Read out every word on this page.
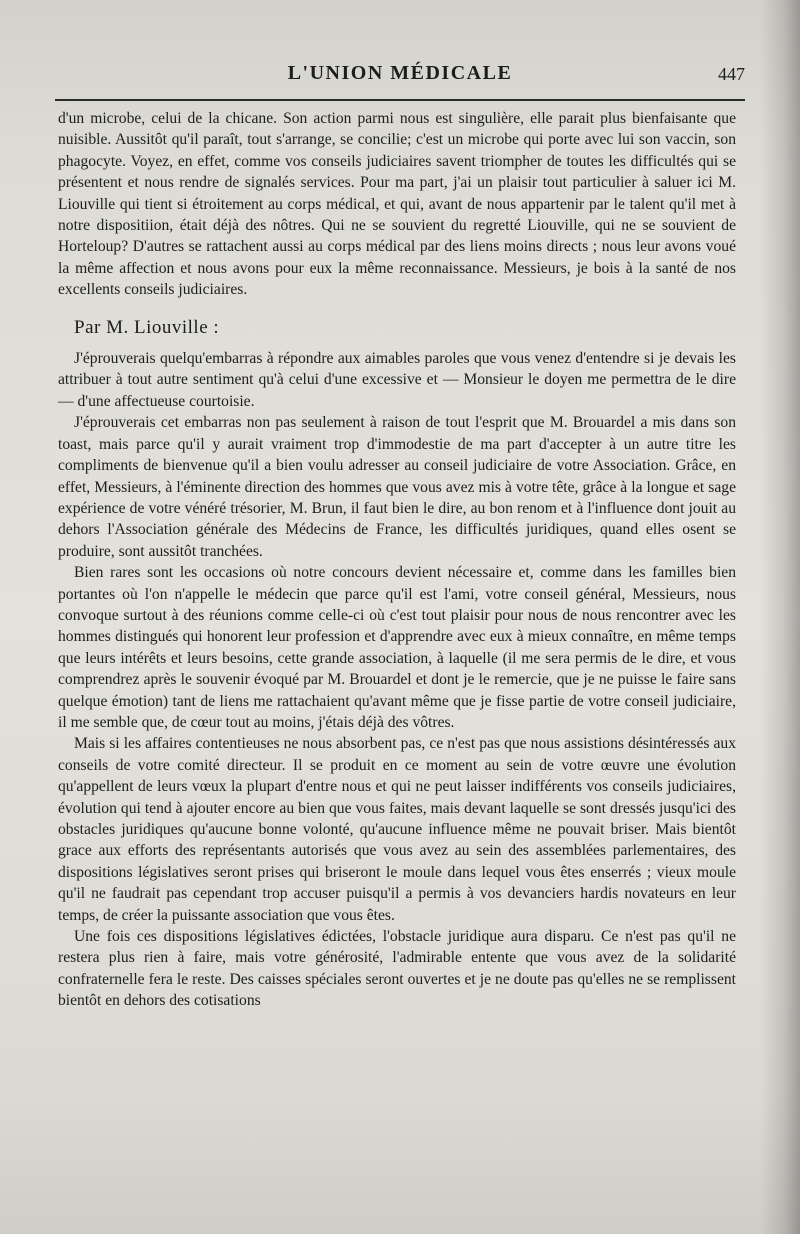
L'UNION MÉDICALE	447

d'un microbe, celui de la chicane. Son action parmi nous est singulière, elle parait plus bienfaisante que nuisible. Aussitôt qu'il paraît, tout s'arrange, se concilie; c'est un microbe qui porte avec lui son vaccin, son phagocyte. Voyez, en effet, comme vos conseils judiciaires savent triompher de toutes les difficultés qui se présentent et nous rendre de signalés services. Pour ma part, j'ai un plaisir tout particulier à saluer ici M. Liouville qui tient si étroitement au corps médical, et qui, avant de nous appartenir par le talent qu'il met à notre dispositiion, était déjà des nôtres. Qui ne se souvient du regretté Liouville, qui ne se souvient de Horteloup? D'autres se rattachent aussi au corps médical par des liens moins directs ; nous leur avons voué la même affection et nous avons pour eux la même reconnaissance. Messieurs, je bois à la santé de nos excellents conseils judiciaires.

Par M. Liouville :

J'éprouverais quelqu'embarras à répondre aux aimables paroles que vous venez d'entendre si je devais les attribuer à tout autre sentiment qu'à celui d'une excessive et — Monsieur le doyen me permettra de le dire — d'une affectueuse courtoisie.

J'éprouverais cet embarras non pas seulement à raison de tout l'esprit que M. Brouardel a mis dans son toast, mais parce qu'il y aurait vraiment trop d'immodestie de ma part d'accepter à un autre titre les compliments de bienvenue qu'il a bien voulu adresser au conseil judiciaire de votre Association. Grâce, en effet, Messieurs, à l'éminente direction des hommes que vous avez mis à votre tête, grâce à la longue et sage expérience de votre vénéré trésorier, M. Brun, il faut bien le dire, au bon renom et à l'influence dont jouit au dehors l'Association générale des Médecins de France, les difficultés juridiques, quand elles osent se produire, sont aussitôt tranchées.

Bien rares sont les occasions où notre concours devient nécessaire et, comme dans les familles bien portantes où l'on n'appelle le médecin que parce qu'il est l'ami, votre conseil général, Messieurs, nous convoque surtout à des réunions comme celle-ci où c'est tout plaisir pour nous de nous rencontrer avec les hommes distingués qui honorent leur profession et d'apprendre avec eux à mieux connaître, en même temps que leurs intérêts et leurs besoins, cette grande association, à laquelle (il me sera permis de le dire, et vous comprendrez après le souvenir évoqué par M. Brouardel et dont je le remercie, que je ne puisse le faire sans quelque émotion) tant de liens me rattachaient qu'avant même que je fisse partie de votre conseil judiciaire, il me semble que, de cœur tout au moins, j'étais déjà des vôtres.

Mais si les affaires contentieuses ne nous absorbent pas, ce n'est pas que nous assistions désintéressés aux conseils de votre comité directeur. Il se produit en ce moment au sein de votre œuvre une évolution qu'appellent de leurs vœux la plupart d'entre nous et qui ne peut laisser indifférents vos conseils judiciaires, évolution qui tend à ajouter encore au bien que vous faites, mais devant laquelle se sont dressés jusqu'ici des obstacles juridiques qu'aucune bonne volonté, qu'aucune influence même ne pouvait briser. Mais bientôt grace aux efforts des représentants autorisés que vous avez au sein des assemblées parlementaires, des dispositions législatives seront prises qui briseront le moule dans lequel vous êtes enserrés ; vieux moule qu'il ne faudrait pas cependant trop accuser puisqu'il a permis à vos devanciers hardis novateurs en leur temps, de créer la puissante association que vous êtes.

Une fois ces dispositions législatives édictées, l'obstacle juridique aura disparu. Ce n'est pas qu'il ne restera plus rien à faire, mais votre générosité, l'admirable entente que vous avez de la solidarité confraternelle fera le reste. Des caisses spéciales seront ouvertes et je ne doute pas qu'elles ne se remplissent bientôt en dehors des cotisations
